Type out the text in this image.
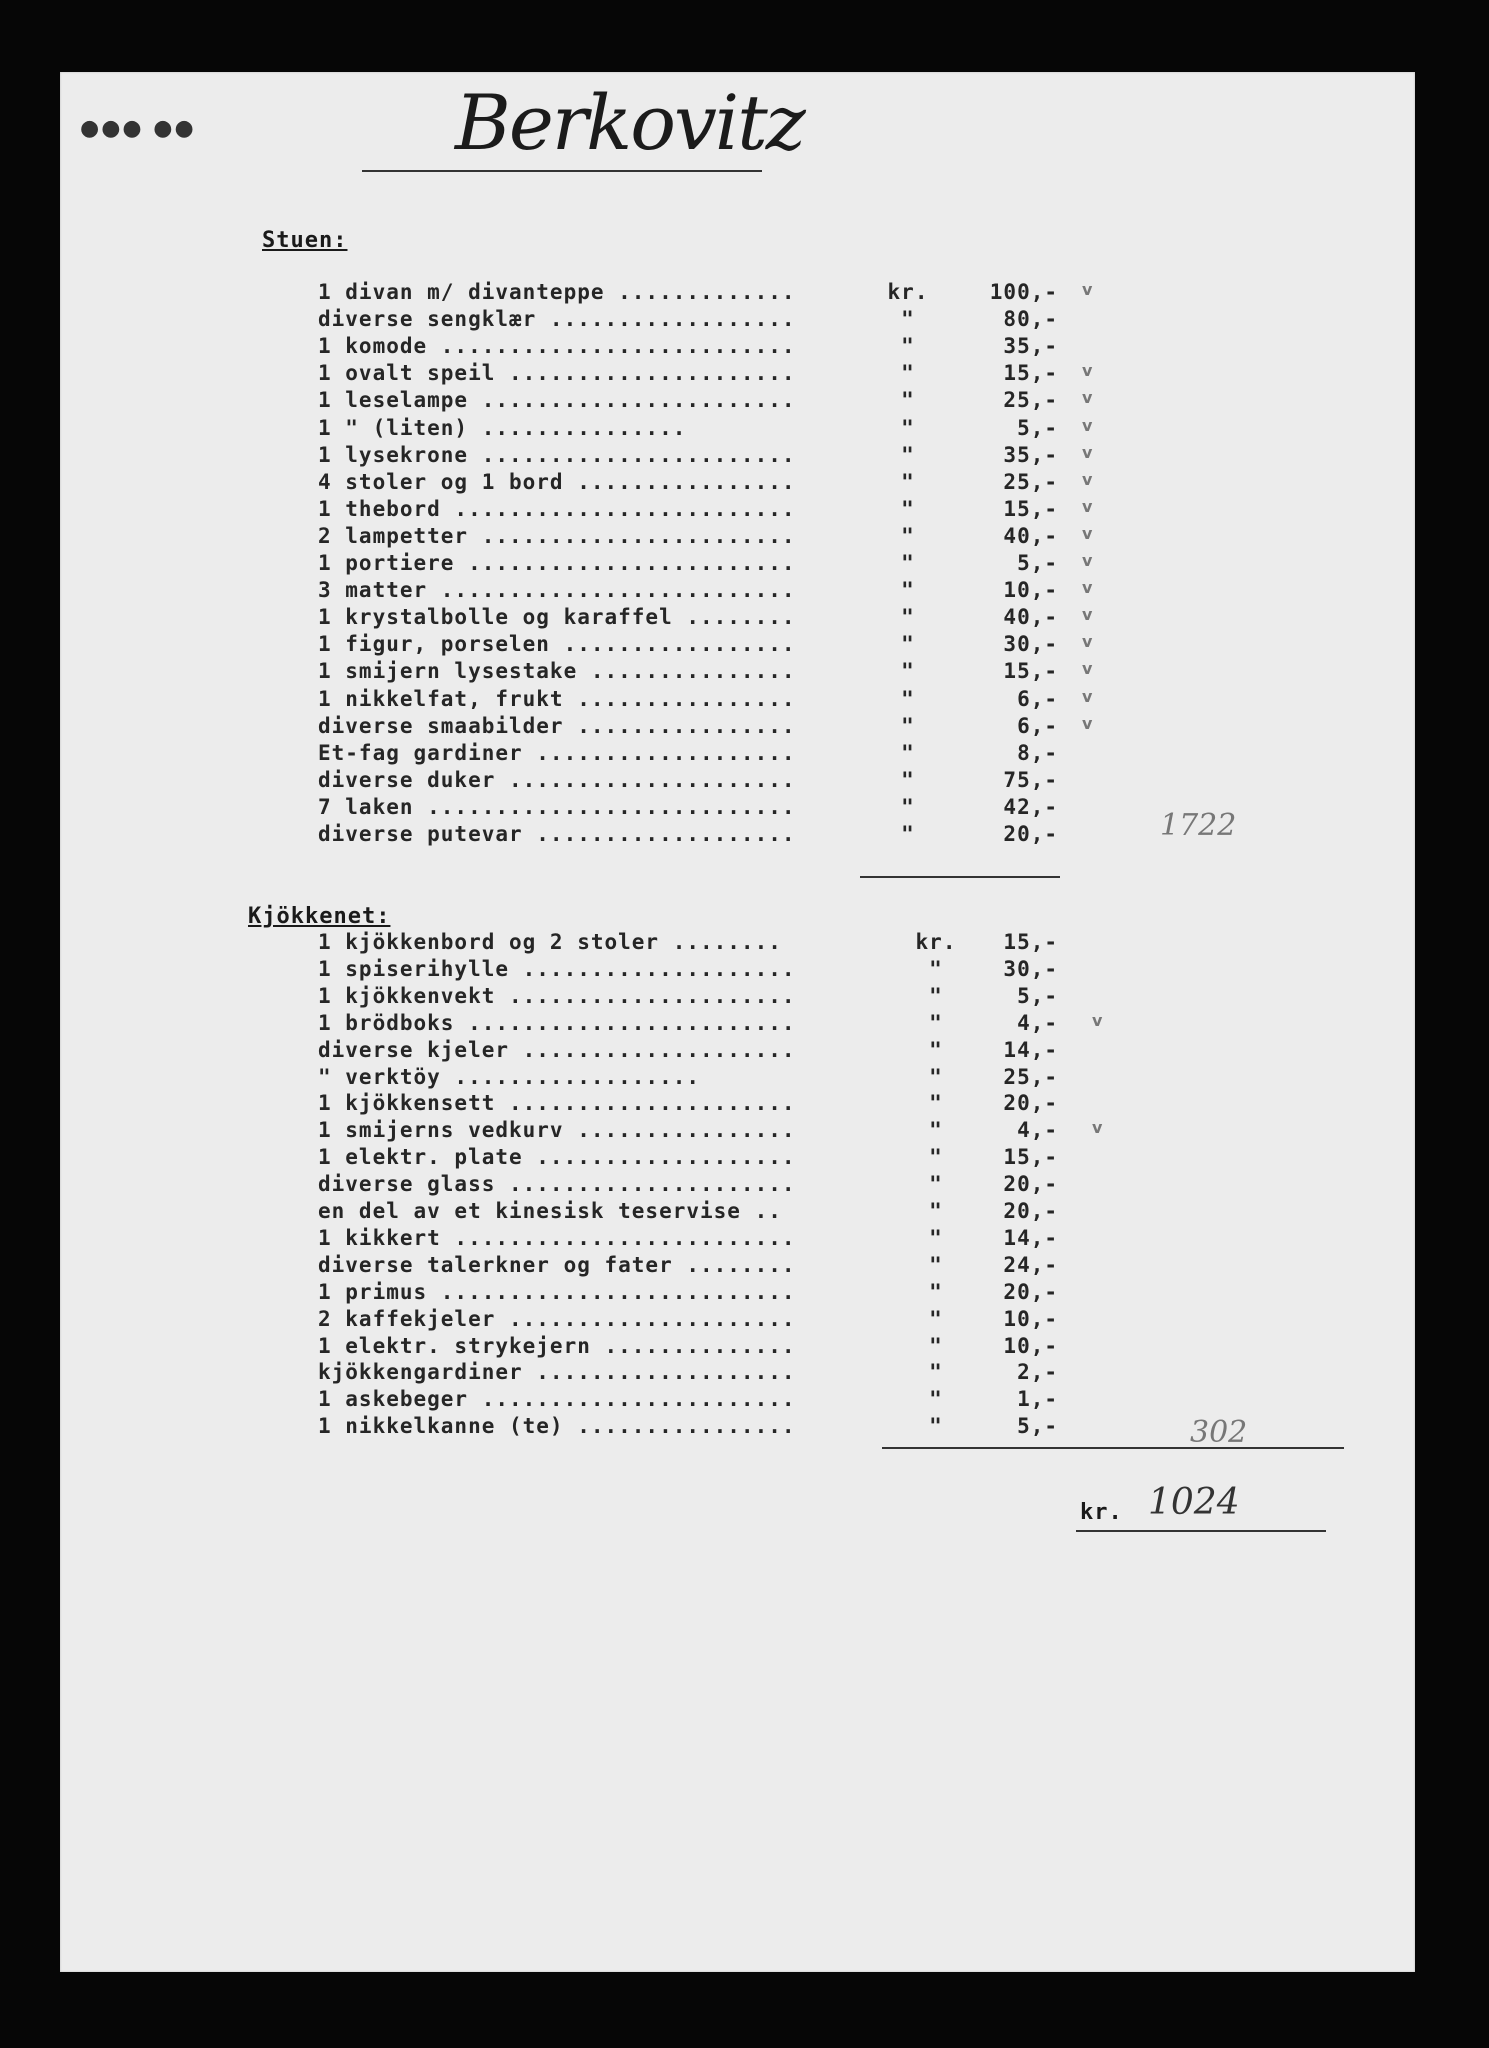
●●● ●●	Berkovitz
Stuen:
1 divan m/ divanteppe .............	kr.	100,- v
diverse sengklær ..................	"	80,-
1 komode ..........................	"	35,-
1 ovalt speil .....................	"	15,- v
1 leselampe .......................	"	25,- v
1 " (liten) ...............	"	5,- v
1 lysekrone .......................	"	35,- v
4 stoler og 1 bord ................	"	25,- v
1 thebord .........................	"	15,- v
2 lampetter .......................	"	40,- v
1 portiere ........................	"	5,- v
3 matter ..........................	"	10,- v
1 krystalbolle og karaffel ........	"	40,- v
1 figur, porselen .................	"	30,- v
1 smijern lysestake ...............	"	15,- v
1 nikkelfat, frukt ................	"	6,- v
diverse smaabilder ................	"	6,- v
Et-fag gardiner ...................	"	8,-
diverse duker .....................	"	75,-
7 laken ...........................	"	42,-
diverse putevar ...................	"	20,-	1722
Kjökkenet:
1 kjökkenbord og 2 stoler ........	kr.	15,-
1 spiserihylle ....................	"	30,-
1 kjökkenvekt .....................	"	5,-
1 brödboks ........................	"	4,- v
diverse kjeler ....................	"	14,-
" verktöy ..................	"	25,-
1 kjökkensett .....................	"	20,-
1 smijerns vedkurv ................	"	4,- v
1 elektr. plate ...................	"	15,-
diverse glass .....................	"	20,-
en del av et kinesisk teservise ..	"	20,-
1 kikkert .........................	"	14,-
diverse talerkner og fater ........	"	24,-
1 primus ..........................	"	20,-
2 kaffekjeler .....................	"	10,-
1 elektr. strykejern ..............	"	10,-
kjökkengardiner ...................	"	2,-
1 askebeger .......................	"	1,-
1 nikkelkanne (te) ................	"	5,-	302
kr. 1024
